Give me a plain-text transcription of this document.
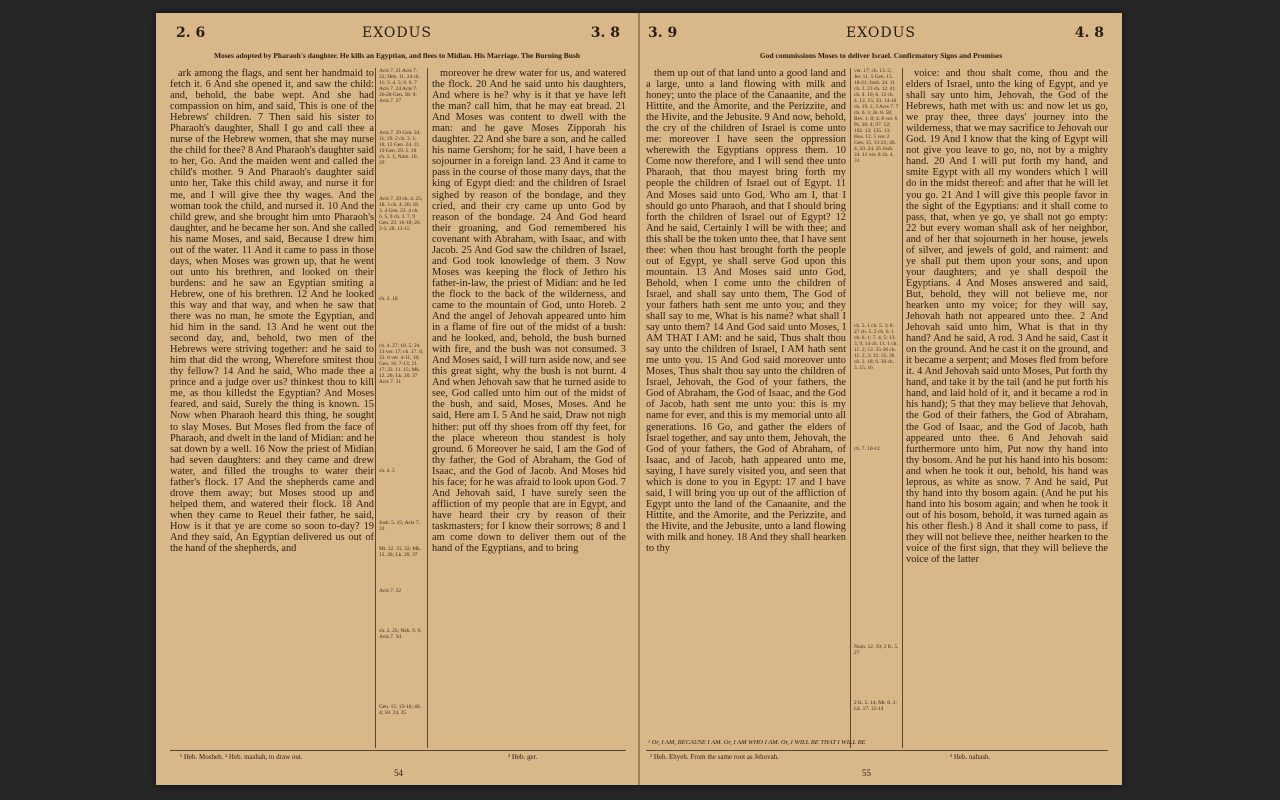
2. 6	EXODUS	3. 8
Moses adopted by Pharaoh's daughter. He kills an Egyptian, and flees to Midian. His Marriage. The Burning Bush

ark among the flags, and sent her handmaid to fetch it. 6 And she opened it, and saw the child: and, behold, the babe wept. And she had compassion on him, and said, This is one of the Hebrews' children. 7 Then said his sister to Pharaoh's daughter, Shall I go and call thee a nurse of the Hebrew women, that she may nurse the child for thee? 8 And Pharaoh's daughter said to her, Go. And the maiden went and called the child's mother. 9 And Pharaoh's daughter said unto her, Take this child away, and nurse it for me, and I will give thee thy wages. And the woman took the child, and nursed it. 10 And the child grew, and she brought him unto Pharaoh's daughter, and he became her son. And she called his name Moses, and said, Because I drew him out of the water. 11 And it came to pass in those days, when Moses was grown up, that he went out unto his brethren, and looked on their burdens: and he saw an Egyptian smiting a Hebrew, one of his brethren. 12 And he looked this way and that way, and when he saw that there was no man, he smote the Egyptian, and hid him in the sand. 13 And he went out the second day, and, behold, two men of the Hebrews were striving together: and he said to him that did the wrong, Wherefore smitest thou thy fellow? 14 And he said, Who made thee a prince and a judge over us? thinkest thou to kill me, as thou killedst the Egyptian? And Moses feared, and said, Surely the thing is known. 15 Now when Pharaoh heard this thing, he sought to slay Moses. But Moses fled from the face of Pharaoh, and dwelt in the land of Midian: and he sat down by a well. 16 Now the priest of Midian had seven daughters: and they came and drew water, and filled the troughs to water their father's flock. 17 And the shepherds came and drove them away; but Moses stood up and helped them, and watered their flock. 18 And when they came to Reuel their father, he said, How is it that ye are come so soon to-day? 19 And they said, An Egyptian delivered us out of the hand of the shepherds, and

Acts 7. 21 Acts 7. 22; Heb. 11. 24 ch. 11: 3. 4. 5; 6. 6. 7 Acts 7. 24 Acts 7. 26-28 Gen. 38. 9; Acts 7. 27
Acts 7. 29 Gen. 24. 11; 29. 2 ch. 3. 1; 18. 12 Gen. 24. 11. 19 Gen. 29. 5. 10 ch. 3. 1; Num. 10. 29
Acts 7. 29 ch. 4. 25; 18. 3 ch. 4. 20; 18. 3. 4 Gen. 23. 4 ch. 6. 5, 9 ch. 3. 7, 9 Gen. 22. 16-18; 26. 2-5; 28. 13-15
ch. 2. 18
ch. 4. 27; 18. 5; 24. 13 ver. 17; ch. 17. 6; 33. 6 ver. 4-11, 16; Gen. 16. 7-13; 21. 17; 22. 11. 15; Mk. 12. 26; Lk. 20. 37 Acts 7. 31
ch. 4. 5
Josh. 5. 15; Acts 7. 33
Mt. 22. 31, 32; Mk. 12. 26; Lk. 20. 37
Acts 7. 32
ch. 2. 25; Neh. 9. 9; Acts 7. 34
Gen. 15. 13-16; 46. 4; 50. 24, 25

moreover he drew water for us, and watered the flock. 20 And he said unto his daughters, And where is he? why is it that ye have left the man? call him, that he may eat bread. 21 And Moses was content to dwell with the man: and he gave Moses Zipporah his daughter. 22 And she bare a son, and he called his name Gershom; for he said, I have been a sojourner in a foreign land. 23 And it came to pass in the course of those many days, that the king of Egypt died: and the children of Israel sighed by reason of the bondage, and they cried, and their cry came up unto God by reason of the bondage. 24 And God heard their groaning, and God remembered his covenant with Abraham, with Isaac, and with Jacob. 25 And God saw the children of Israel, and God took knowledge of them. 3 Now Moses was keeping the flock of Jethro his father-in-law, the priest of Midian: and he led the flock to the back of the wilderness, and came to the mountain of God, unto Horeb. 2 And the angel of Jehovah appeared unto him in a flame of fire out of the midst of a bush: and he looked, and, behold, the bush burned with fire, and the bush was not consumed. 3 And Moses said, I will turn aside now, and see this great sight, why the bush is not burnt. 4 And when Jehovah saw that he turned aside to see, God called unto him out of the midst of the bush, and said, Moses, Moses. And he said, Here am I. 5 And he said, Draw not nigh hither: put off thy shoes from off thy feet, for the place whereon thou standest is holy ground. 6 Moreover he said, I am the God of thy father, the God of Abraham, the God of Isaac, and the God of Jacob. And Moses hid his face; for he was afraid to look upon God. 7 And Jehovah said, I have surely seen the affliction of my people that are in Egypt, and have heard their cry by reason of their taskmasters; for I know their sorrows; 8 and I am come down to deliver them out of the hand of the Egyptians, and to bring

¹ Heb. Mosheh. ² Heb. mashah, to draw out.	³ Heb. ger.
54
3. 9	EXODUS	4. 8
God commissions Moses to deliver Israel. Confirmatory Signs and Promises

them up out of that land unto a good land and a large, unto a land flowing with milk and honey; unto the place of the Canaanite, and the Hittite, and the Amorite, and the Perizzite, and the Hivite, and the Jebusite. 9 And now, behold, the cry of the children of Israel is come unto me: moreover I have seen the oppression wherewith the Egyptians oppress them. 10 Come now therefore, and I will send thee unto Pharaoh, that thou mayest bring forth my people the children of Israel out of Egypt. 11 And Moses said unto God, Who am I, that I should go unto Pharaoh, and that I should bring forth the children of Israel out of Egypt? 12 And he said, Certainly I will be with thee; and this shall be the token unto thee, that I have sent thee: when thou hast brought forth the people out of Egypt, ye shall serve God upon this mountain. 13 And Moses said unto God, Behold, when I come unto the children of Israel, and shall say unto them, The God of your fathers hath sent me unto you; and they shall say to me, What is his name? what shall I say unto them? 14 And God said unto Moses, I AM THAT I AM: and he said, Thus shalt thou say unto the children of Israel, I AM hath sent me unto you. 15 And God said moreover unto Moses, Thus shalt thou say unto the children of Israel, Jehovah, the God of your fathers, the God of Abraham, the God of Isaac, and the God of Jacob, hath sent me unto you: this is my name for ever, and this is my memorial unto all generations. 16 Go, and gather the elders of Israel together, and say unto them, Jehovah, the God of your fathers, the God of Abraham, of Isaac, and of Jacob, hath appeared unto me, saying, I have surely visited you, and seen that which is done to you in Egypt: 17 and I have said, I will bring you up out of the affliction of Egypt unto the land of the Canaanite, and the Hittite, and the Amorite, and the Perizzite, and the Hivite, and the Jebusite, unto a land flowing with milk and honey. 18 And they shall hearken to thy

ver. 17; ch. 13. 5; Jer. 11. 5 Gen. 15. 18-21; Josh. 24. 11 ch. 2. 23 ch. 12. 41 ch. 4. 10; 6. 12 ch. 4. 12, 15; 33. 14-16 ch. 19. 2, 3 Acts 7. 7 ch. 6. 3; Jn. 8. 58; Rev. 1. 8; 4. 8 ver. 6 Ps. 30. 4; 97. 12; 102. 12; 135. 13; Hos. 12. 5 ver. 2 Gen. 15. 13-21; 46. 4; 50. 24, 25 Josh. 24. 11 ver. 8 ch. 4. 31
ch. 5. 1 ch. 5. 3; 8. 27 ch. 5. 2 ch. 6. 1 ch. 6. 1; 7. 4, 5; 13. 3, 9, 14 ch. 11. 1 ch. 11. 2; 12. 35-36 ch. 11. 2, 3; 12. 35, 36 ch. 3. 18; 6. 30 ch. 3. 15, 16
ch. 7. 10-12
Num. 12. 10; 2 K. 5. 27
2 K. 5. 14; Mt. 8. 3; Lk. 17. 12-14

voice: and thou shalt come, thou and the elders of Israel, unto the king of Egypt, and ye shall say unto him, Jehovah, the God of the Hebrews, hath met with us: and now let us go, we pray thee, three days' journey into the wilderness, that we may sacrifice to Jehovah our God. 19 And I know that the king of Egypt will not give you leave to go, no, not by a mighty hand. 20 And I will put forth my hand, and smite Egypt with all my wonders which I will do in the midst thereof: and after that he will let you go. 21 And I will give this people favor in the sight of the Egyptians: and it shall come to pass, that, when ye go, ye shall not go empty: 22 but every woman shall ask of her neighbor, and of her that sojourneth in her house, jewels of silver, and jewels of gold, and raiment: and ye shall put them upon your sons, and upon your daughters; and ye shall despoil the Egyptians. 4 And Moses answered and said, But, behold, they will not believe me, nor hearken unto my voice; for they will say, Jehovah hath not appeared unto thee. 2 And Jehovah said unto him, What is that in thy hand? And he said, A rod. 3 And he said, Cast it on the ground. And he cast it on the ground, and it became a serpent; and Moses fled from before it. 4 And Jehovah said unto Moses, Put forth thy hand, and take it by the tail (and he put forth his hand, and laid hold of it, and it became a rod in his hand); 5 that they may believe that Jehovah, the God of their fathers, the God of Abraham, the God of Isaac, and the God of Jacob, hath appeared unto thee. 6 And Jehovah said furthermore unto him, Put now thy hand into thy bosom. And he put his hand into his bosom: and when he took it out, behold, his hand was leprous, as white as snow. 7 And he said, Put thy hand into thy bosom again. (And he put his hand into his bosom again; and when he took it out of his bosom, behold, it was turned again as his other flesh.) 8 And it shall come to pass, if they will not believe thee, neither hearken to the voice of the first sign, that they will believe the voice of the latter

¹ Or, I AM, BECAUSE I AM. Or, I AM WHO I AM. Or, I WILL BE THAT I WILL BE
² Heb. Ehyeh. From the same root as Jehovah.	³ Heb. nahash.
55
